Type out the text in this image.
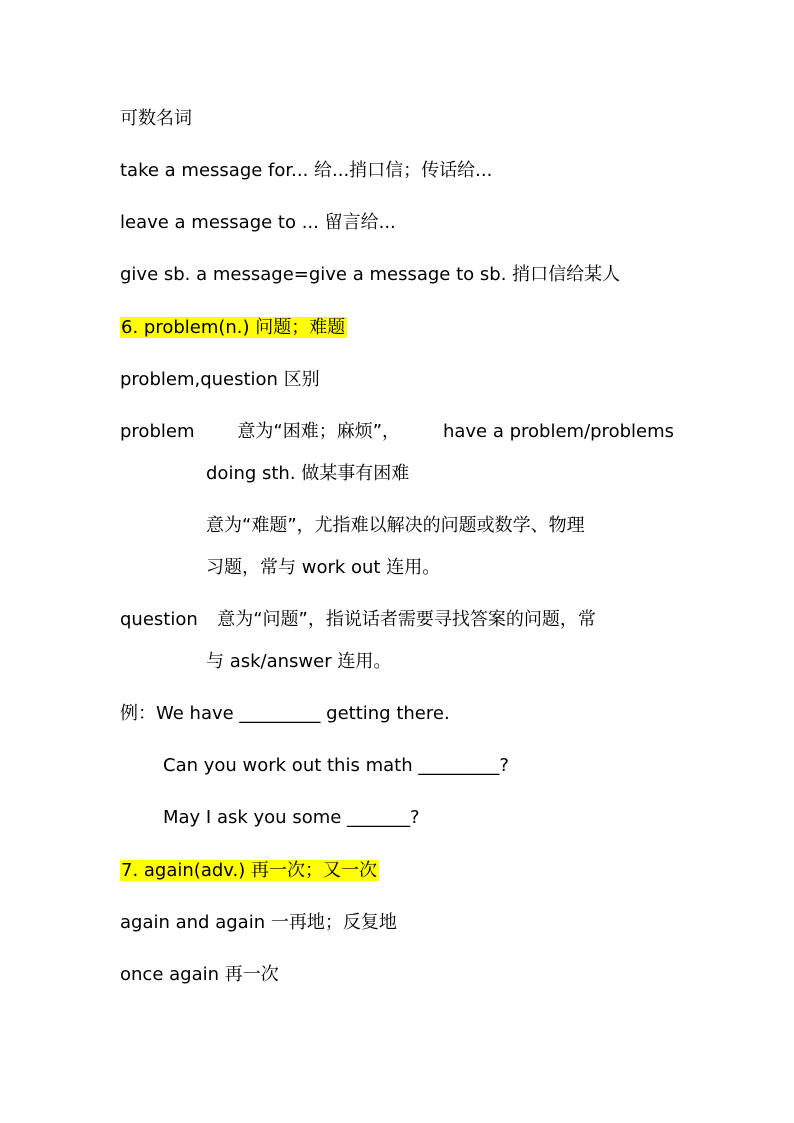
可数名词
take a message for... 给...捎口信；传话给...
leave a message to ... 留言给...
give sb. a message=give a message to sb. 捎口信给某人
6. problem(n.) 问题；难题
problem,question 区别
problem 意为“困难；麻烦”， have a problem/problems
doing sth. 做某事有困难
意为“难题”，尤指难以解决的问题或数学、物理
习题，常与 work out 连用。
question 意为“问题”，指说话者需要寻找答案的问题，常
与 ask/answer 连用。
例：We have _________ getting there.
Can you work out this math _________?
May I ask you some _______?
7. again(adv.) 再一次；又一次
again and again 一再地；反复地
once again 再一次
